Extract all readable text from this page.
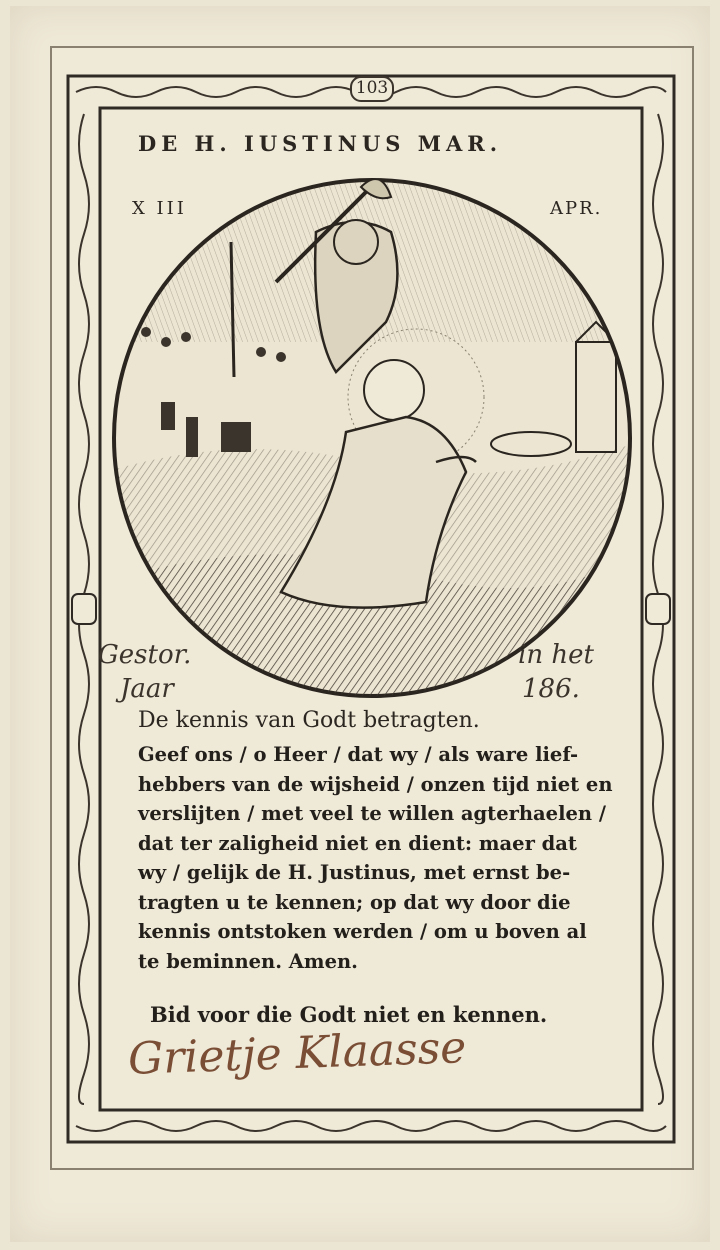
103
DE H. IUSTINUS MAR.
X III	APR.
Gestor.
Jaar
in het
186.
De kennis van Godt betragten.
Geef ons / o Heer / dat wy / als ware lief-
hebbers van de wijsheid / onzen tijd niet en
verslijten / met veel te willen agterhaelen /
dat ter zaligheid niet en dient: maer dat
wy / gelijk de H. Justinus, met ernst be-
tragten u te kennen; op dat wy door die
kennis ontstoken werden / om u boven al
te beminnen. Amen.
Bid voor die Godt niet en kennen.
Grietje Klaasse
